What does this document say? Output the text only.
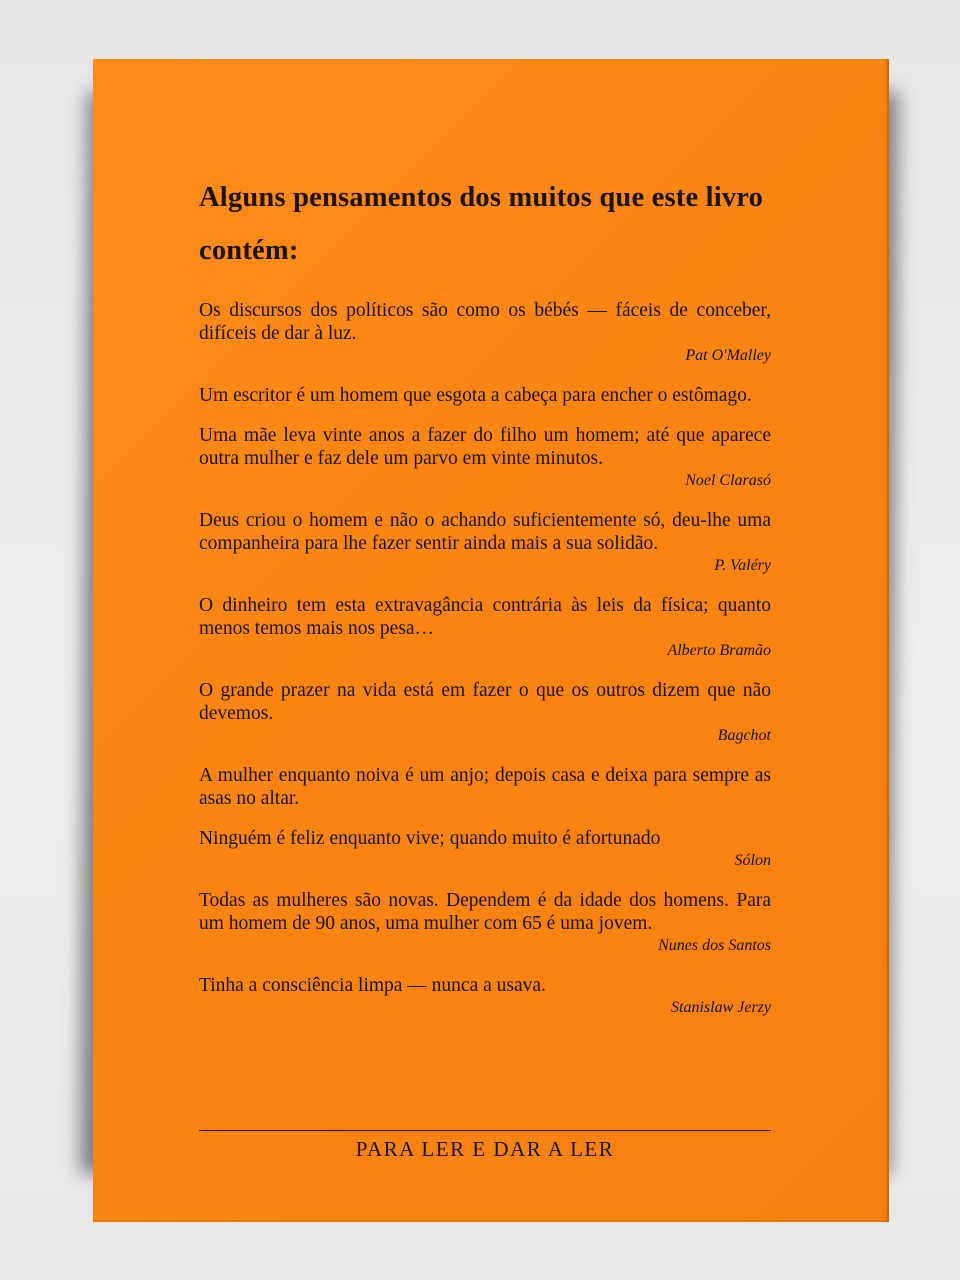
Alguns pensamentos dos muitos que este livro contém:

Os discursos dos políticos são como os bébés — fáceis de conceber, difíceis de dar à luz.

Pat O'Malley

Um escritor é um homem que esgota a cabeça para encher o estômago.

Uma mãe leva vinte anos a fazer do filho um homem; até que aparece outra mulher e faz dele um parvo em vinte minutos.

Noel Clarasó

Deus criou o homem e não o achando suficientemente só, deu-lhe uma companheira para lhe fazer sentir ainda mais a sua solidão.

P. Valéry

O dinheiro tem esta extravagância contrária às leis da física; quanto menos temos mais nos pesa…

Alberto Bramão

O grande prazer na vida está em fazer o que os outros dizem que não devemos.

Bagchot

A mulher enquanto noiva é um anjo; depois casa e deixa para sempre as asas no altar.

Ninguém é feliz enquanto vive; quando muito é afortunado

Sólon

Todas as mulheres são novas. Dependem é da idade dos homens. Para um homem de 90 anos, uma mulher com 65 é uma jovem.

Nunes dos Santos

Tinha a consciência limpa — nunca a usava.

Stanislaw Jerzy

PARA LER E DAR A LER
